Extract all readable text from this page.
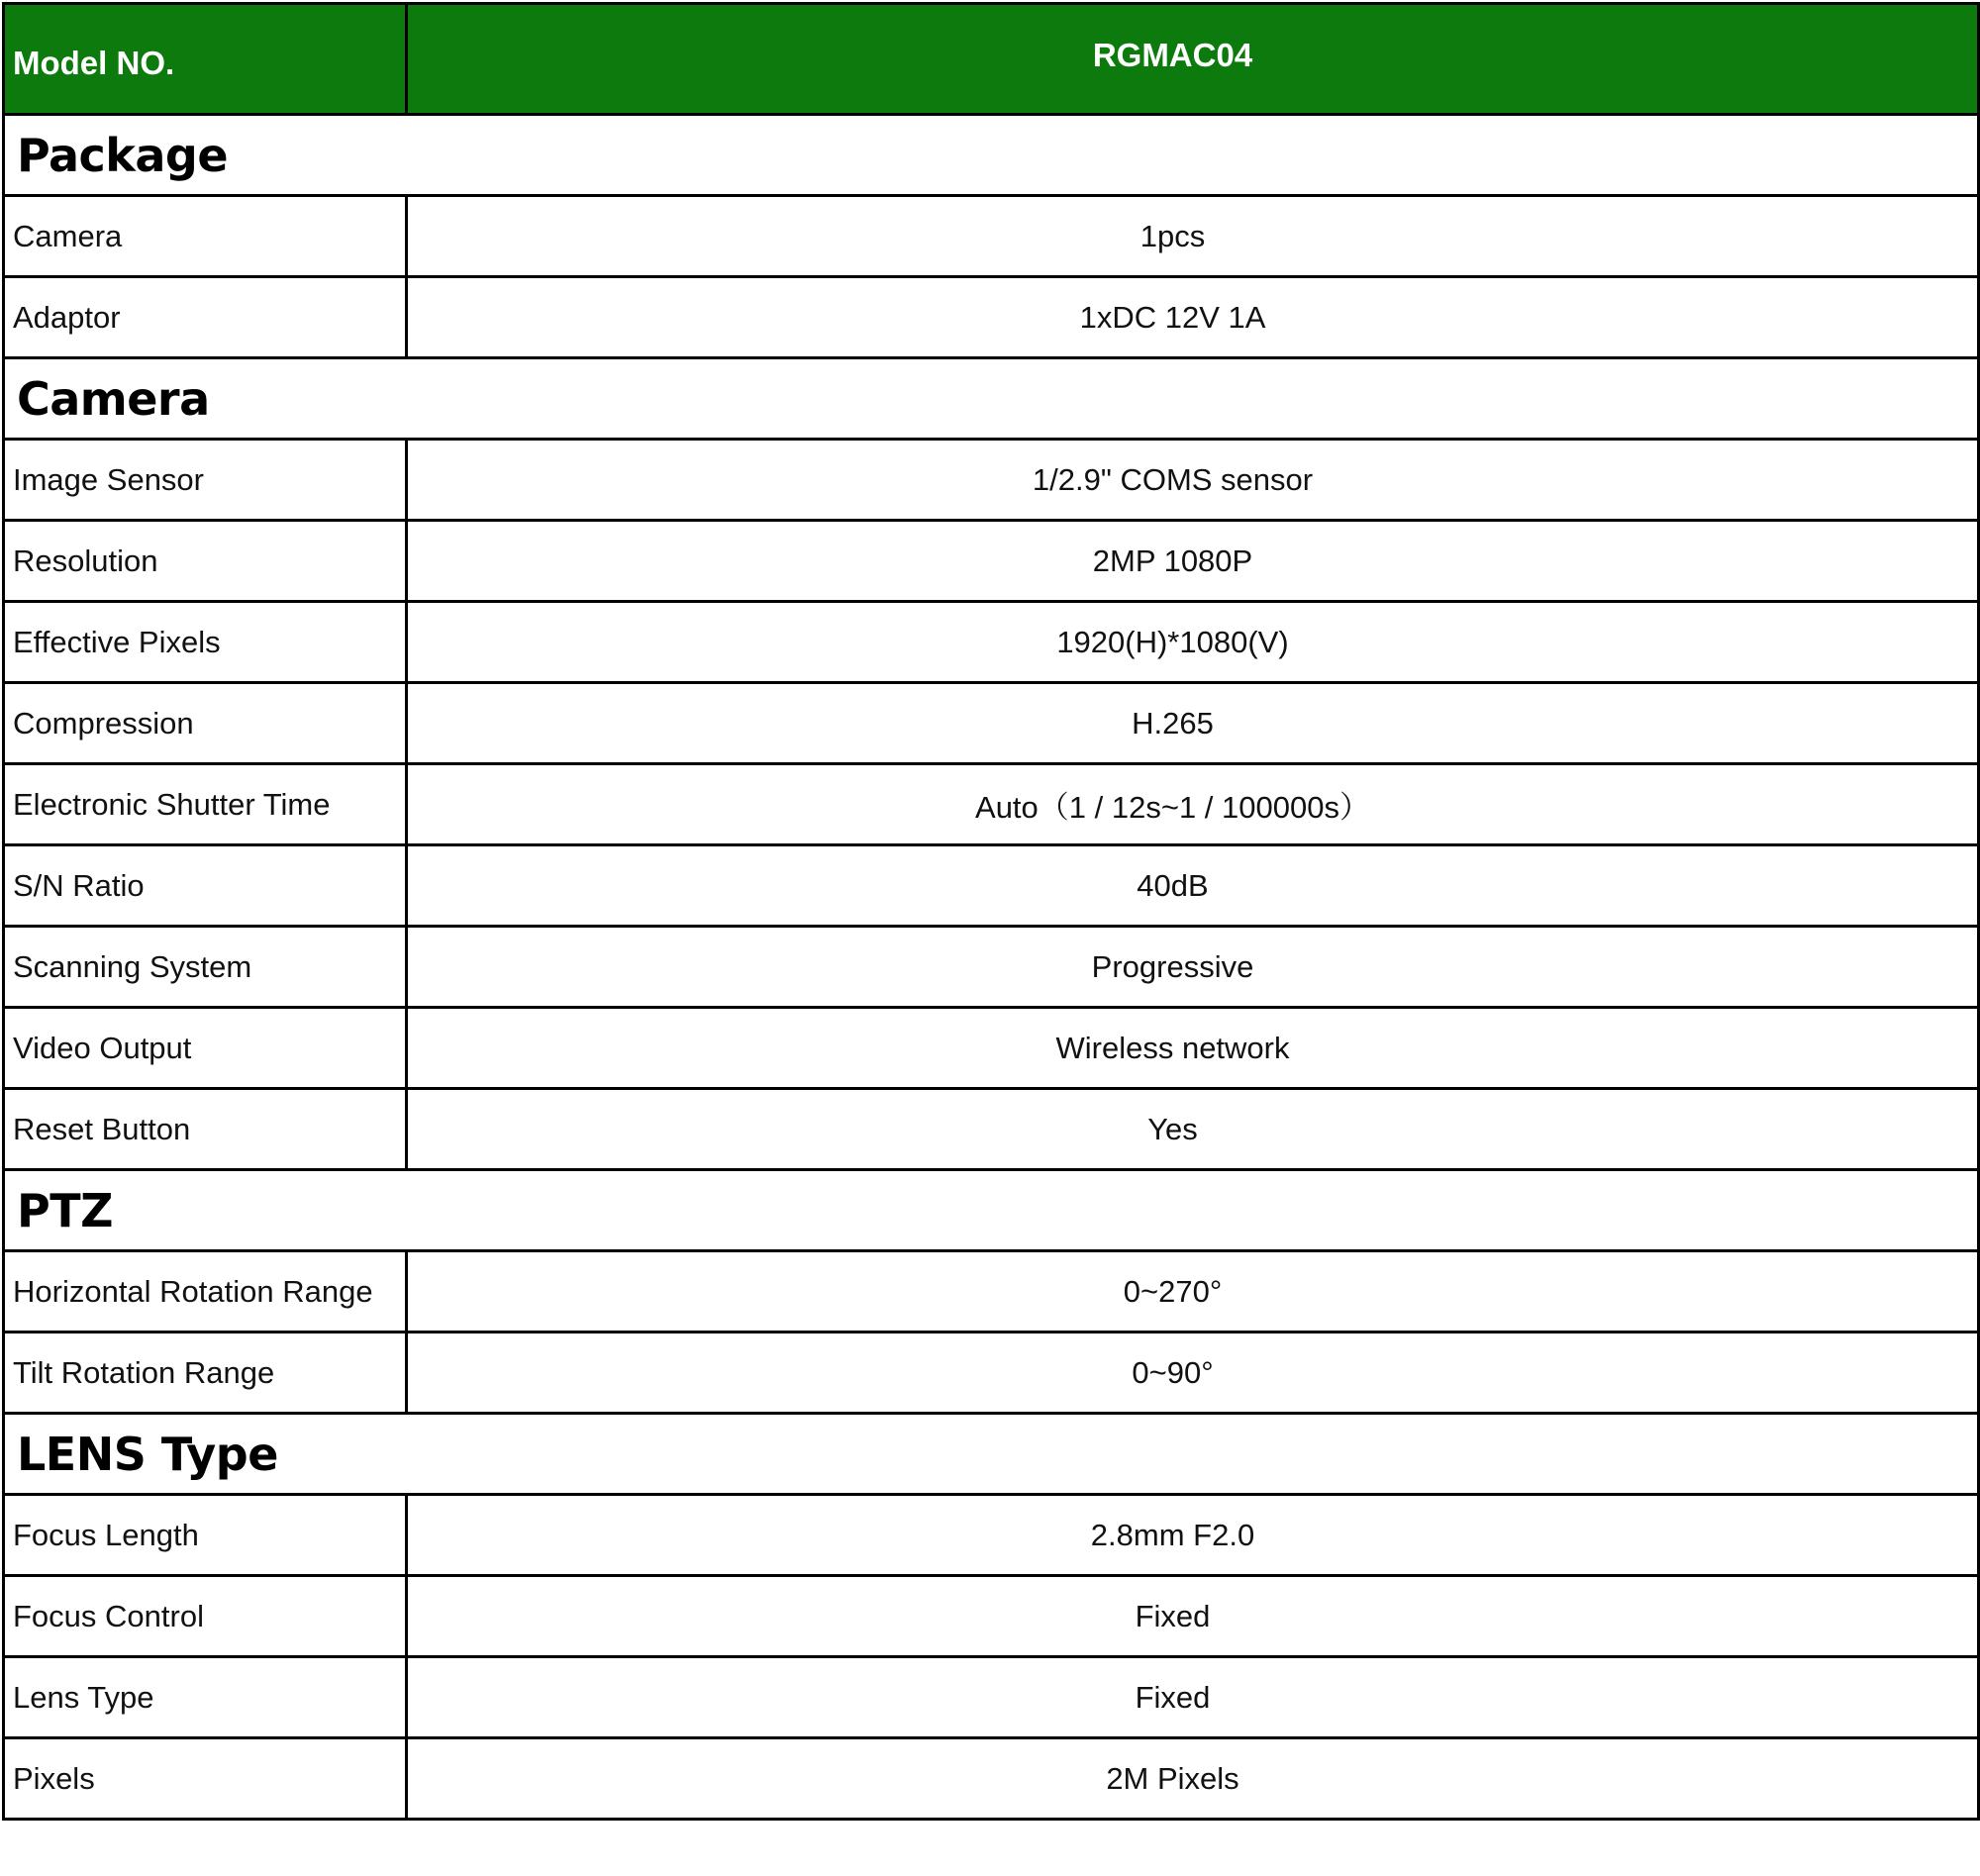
Model NO.	RGMAC04
Package	
Camera	1pcs
Adaptor	1xDC 12V 1A
Camera	
Image Sensor	1/2.9" COMS sensor
Resolution	2MP 1080P
Effective Pixels	1920(H)*1080(V)
Compression	H.265
Electronic Shutter Time	Auto（1 / 12s~1 / 100000s）
S/N Ratio	40dB
Scanning System	Progressive
Video Output	Wireless network
Reset Button	Yes
PTZ	
Horizontal Rotation Range	0~270°
Tilt Rotation Range	0~90°
LENS Type	
Focus Length	2.8mm F2.0
Focus Control	Fixed
Lens Type	Fixed
Pixels	2M Pixels
